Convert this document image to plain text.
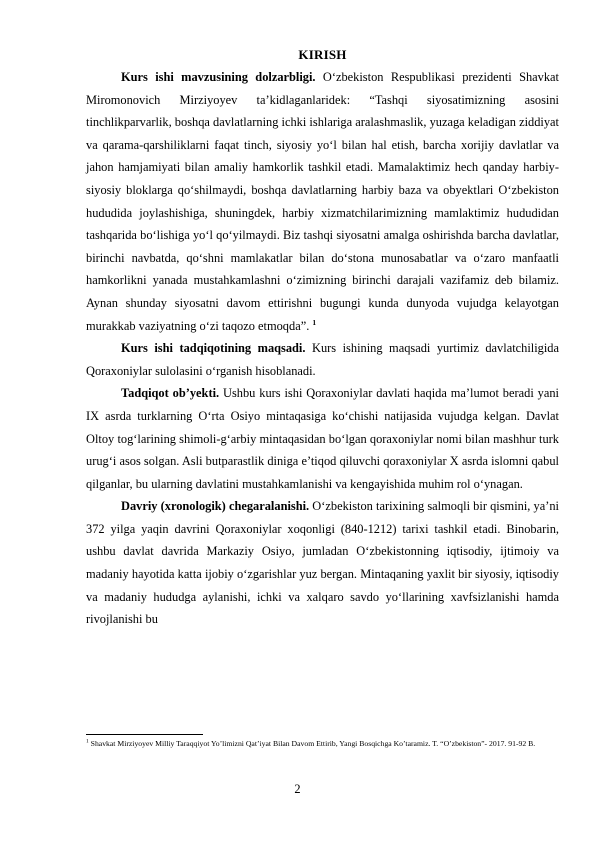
KIRISH

Kurs ishi mavzusining dolzarbligi. O‘zbekiston Respublikasi prezidenti Shavkat Miromonovich Mirziyoyev ta’kidlaganlaridek: “Tashqi siyosatimizning asosini tinchlikparvarlik, boshqa davlatlarning ichki ishlariga aralashmaslik, yuzaga keladigan ziddiyat va qarama-qarshiliklarni faqat tinch, siyosiy yo‘l bilan hal etish, barcha xorijiy davlatlar va jahon hamjamiyati bilan amaliy hamkorlik tashkil etadi. Mamalaktimiz hech qanday harbiy-siyosiy bloklarga qo‘shilmaydi, boshqa davlatlarning harbiy baza va obyektlari O‘zbekiston hududida joylashishiga, shuningdek, harbiy xizmatchilarimizning mamlaktimiz hududidan tashqarida bo‘lishiga yo‘l qo‘yilmaydi. Biz tashqi siyosatni amalga oshirishda barcha davlatlar, birinchi navbatda, qo‘shni mamlakatlar bilan do‘stona munosabatlar va o‘zaro manfaatli hamkorlikni yanada mustahkamlashni o‘zimizning birinchi darajali vazifamiz deb bilamiz. Aynan shunday siyosatni davom ettirishni bugungi kunda dunyoda vujudga kelayotgan murakkab vaziyatning o‘zi taqozo etmoqda”. $^1$

Kurs ishi tadqiqotining maqsadi. Kurs ishining maqsadi yurtimiz davlatchiligida Qoraxoniylar sulolasini o‘rganish hisoblanadi.

Tadqiqot ob’yekti. Ushbu kurs ishi Qoraxoniylar davlati haqida ma’lumot beradi yani IX asrda turklarning O‘rta Osiyo mintaqasiga ko‘chishi natijasida vujudga kelgan. Davlat Oltoy tog‘larining shimoli-g‘arbiy mintaqasidan bo‘lgan qoraxoniylar nomi bilan mashhur turk urug‘i asos solgan. Asli butparastlik diniga e’tiqod qiluvchi qoraxoniylar X asrda islomni qabul qilganlar, bu ularning davlatini mustahkamlanishi va kengayishida muhim rol o‘ynagan.

Davriy (xronologik) chegaralanishi. O‘zbekiston tarixining salmoqli bir qismini, ya’ni 372 yilga yaqin davrini Qoraxoniylar xoqonligi (840-1212) tarixi tashkil etadi. Binobarin, ushbu davlat davrida Markaziy Osiyo, jumladan O‘zbekistonning iqtisodiy, ijtimoiy va madaniy hayotida katta ijobiy o‘zgarishlar yuz bergan. Mintaqaning yaxlit bir siyosiy, iqtisodiy va madaniy hududga aylanishi, ichki va xalqaro savdo yo‘llarining xavfsizlanishi hamda rivojlanishi bu

$^1$ Shavkat Mirziyoyev Milliy Taraqqiyot Yo’limizni Qat’iyat Bilan Davom Ettirib, Yangi Bosqichga Ko’taramiz. T. “O’zbekiston”- 2017. 91-92 B.
2
